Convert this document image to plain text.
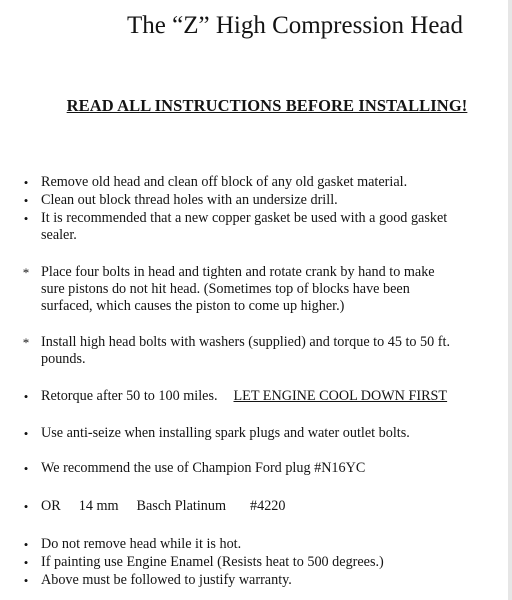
The “Z” High Compression Head
READ ALL INSTRUCTIONS BEFORE INSTALLING!
• Remove old head and clean off block of any old gasket material.
• Clean out block thread holes with an undersize drill.
• It is recommended that a new copper gasket be used with a good gasket
sealer.
* Place four bolts in head and tighten and rotate crank by hand to make
sure pistons do not hit head. (Sometimes top of blocks have been
surfaced, which causes the piston to come up higher.)
* Install high head bolts with washers (supplied) and torque to 45 to 50 ft.
pounds.
• Retorque after 50 to 100 miles. LET ENGINE COOL DOWN FIRST
• Use anti-seize when installing spark plugs and water outlet bolts.
• We recommend the use of Champion Ford plug #N16YC
• OR 14 mm Basch Platinum #4220
• Do not remove head while it is hot.
• If painting use Engine Enamel (Resists heat to 500 degrees.)
• Above must be followed to justify warranty.
